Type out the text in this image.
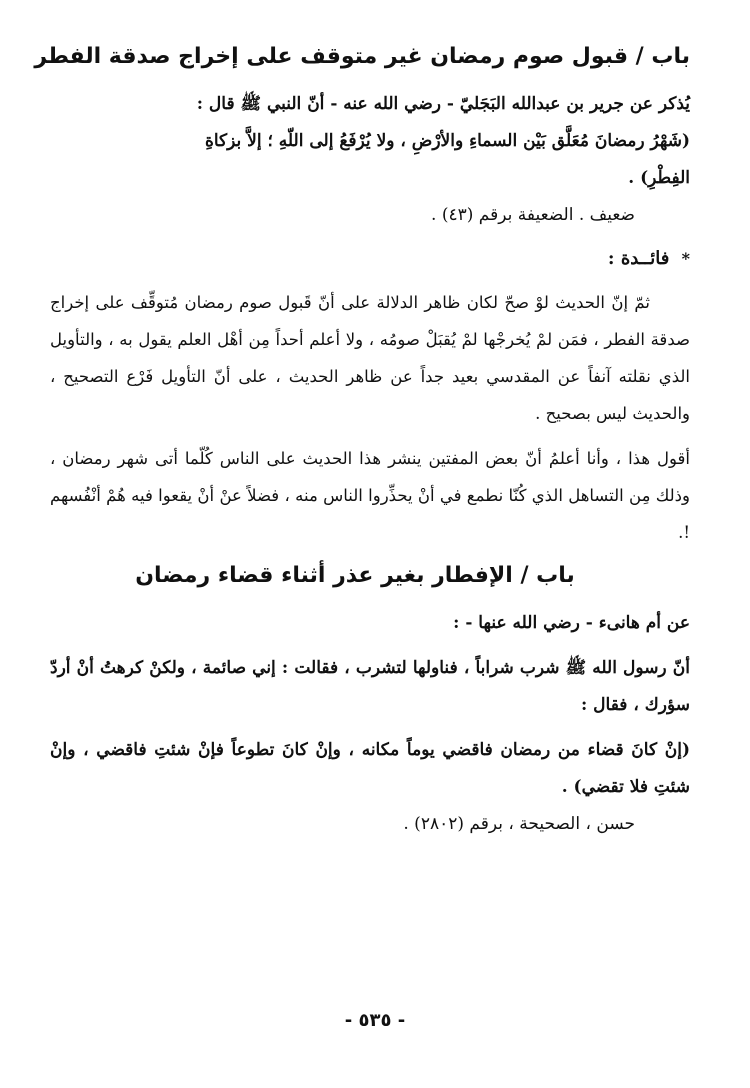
باب / قبول صوم رمضان غير متوقف على إخراج صدقة الفطر

يُذكر عن جرير بن عبدالله البَجَليّ - رضي الله عنه - أنّ النبي ﷺ قال :

(شَهْرُ رمضانَ مُعَلَّق بَيْن السماءِ والأرْضِ ، ولا يُرْفَعُ إلى اللّهِ ؛ إلاَّ بزكاةِ

الفِطْرِ) .

ضعيف . الضعيفة برقم (٤٣) .

* فائــدة :

ثمّ إنّ الحديث لوْ صحّ لكان ظاهر الدلالة على أنّ قَبول صوم رمضان مُتوقِّف على إخراج صدقة الفطر ، فمَن لمْ يُخرجْها لمْ يُقبَلْ صومُه ، ولا أعلم أحداً مِن أهْل العلم يقول به ، والتأويل الذي نقلته آنفاً عن المقدسي بعيد جداً عن ظاهر الحديث ، على أنّ التأويل فَرْع التصحيح ، والحديث ليس بصحيح .

أقول هذا ، وأنا أعلمُ أنّ بعض المفتين ينشر هذا الحديث على الناس كُلّما أتى شهر رمضان ، وذلك مِن التساهل الذي كُنّا نطمع في أنْ يحذِّروا الناس منه ، فضلاً عنْ أنْ يقعوا فيه هُمْ أنْفُسهم !.

باب / الإفطار بغير عذر أثناء قضاء رمضان

عن أم هانىء - رضي الله عنها - :

أنّ رسول الله ﷺ شرب شراباً ، فناولها لتشرب ، فقالت : إني صائمة ، ولكنْ كرهتُ أنْ أردّ سؤرك ، فقال :

(إنْ كانَ قضاء من رمضان فاقضي يوماً مكانه ، وإنْ كانَ تطوعاً فإنْ شئتِ فاقضي ، وإنْ شئتِ فلا تقضي) .

حسن ، الصحيحة ، برقم (٢٨٠٢) .

- ٥٣٥ -
